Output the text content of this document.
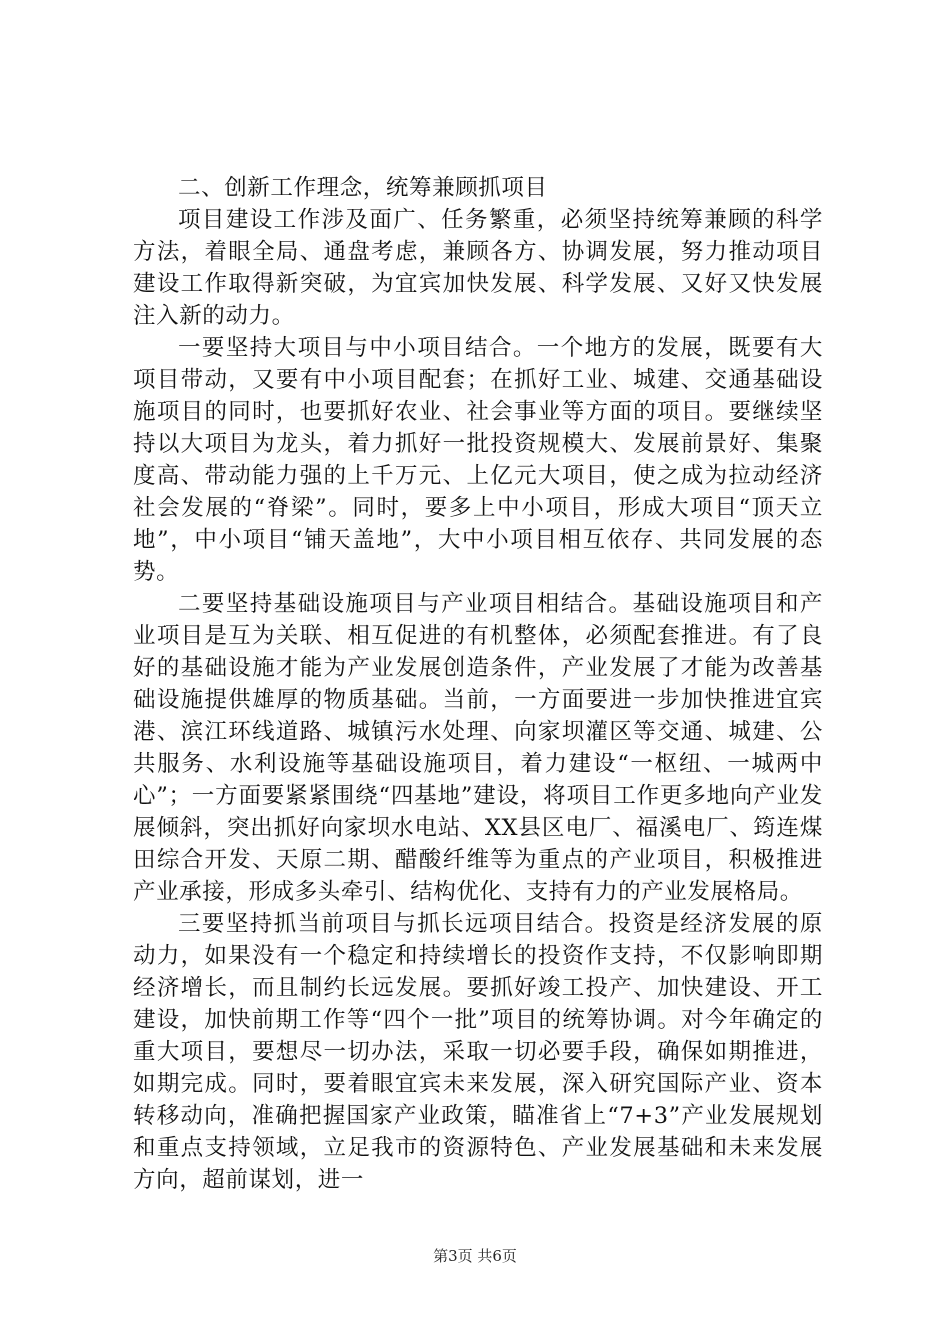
二、创新工作理念，统筹兼顾抓项目

项目建设工作涉及面广、任务繁重，必须坚持统筹兼顾的科学方法，着眼全局、通盘考虑，兼顾各方、协调发展，努力推动项目建设工作取得新突破，为宜宾加快发展、科学发展、又好又快发展注入新的动力。

一要坚持大项目与中小项目结合。一个地方的发展，既要有大项目带动，又要有中小项目配套；在抓好工业、城建、交通基础设施项目的同时，也要抓好农业、社会事业等方面的项目。要继续坚持以大项目为龙头，着力抓好一批投资规模大、发展前景好、集聚度高、带动能力强的上千万元、上亿元大项目，使之成为拉动经济社会发展的“脊梁”。同时，要多上中小项目，形成大项目“顶天立地”，中小项目“铺天盖地”，大中小项目相互依存、共同发展的态势。

二要坚持基础设施项目与产业项目相结合。基础设施项目和产业项目是互为关联、相互促进的有机整体，必须配套推进。有了良好的基础设施才能为产业发展创造条件，产业发展了才能为改善基础设施提供雄厚的物质基础。当前，一方面要进一步加快推进宜宾港、滨江环线道路、城镇污水处理、向家坝灌区等交通、城建、公共服务、水利设施等基础设施项目，着力建设“一枢纽、一城两中心”；一方面要紧紧围绕“四基地”建设，将项目工作更多地向产业发展倾斜，突出抓好向家坝水电站、XX县区电厂、福溪电厂、筠连煤田综合开发、天原二期、醋酸纤维等为重点的产业项目，积极推进产业承接，形成多头牵引、结构优化、支持有力的产业发展格局。

三要坚持抓当前项目与抓长远项目结合。投资是经济发展的原动力，如果没有一个稳定和持续增长的投资作支持，不仅影响即期经济增长，而且制约长远发展。要抓好竣工投产、加快建设、开工建设，加快前期工作等“四个一批”项目的统筹协调。对今年确定的重大项目，要想尽一切办法，采取一切必要手段，确保如期推进，如期完成。同时，要着眼宜宾未来发展，深入研究国际产业、资本转移动向，准确把握国家产业政策，瞄准省上“7+3”产业发展规划和重点支持领域，立足我市的资源特色、产业发展基础和未来发展方向，超前谋划，进一

第3页 共6页
